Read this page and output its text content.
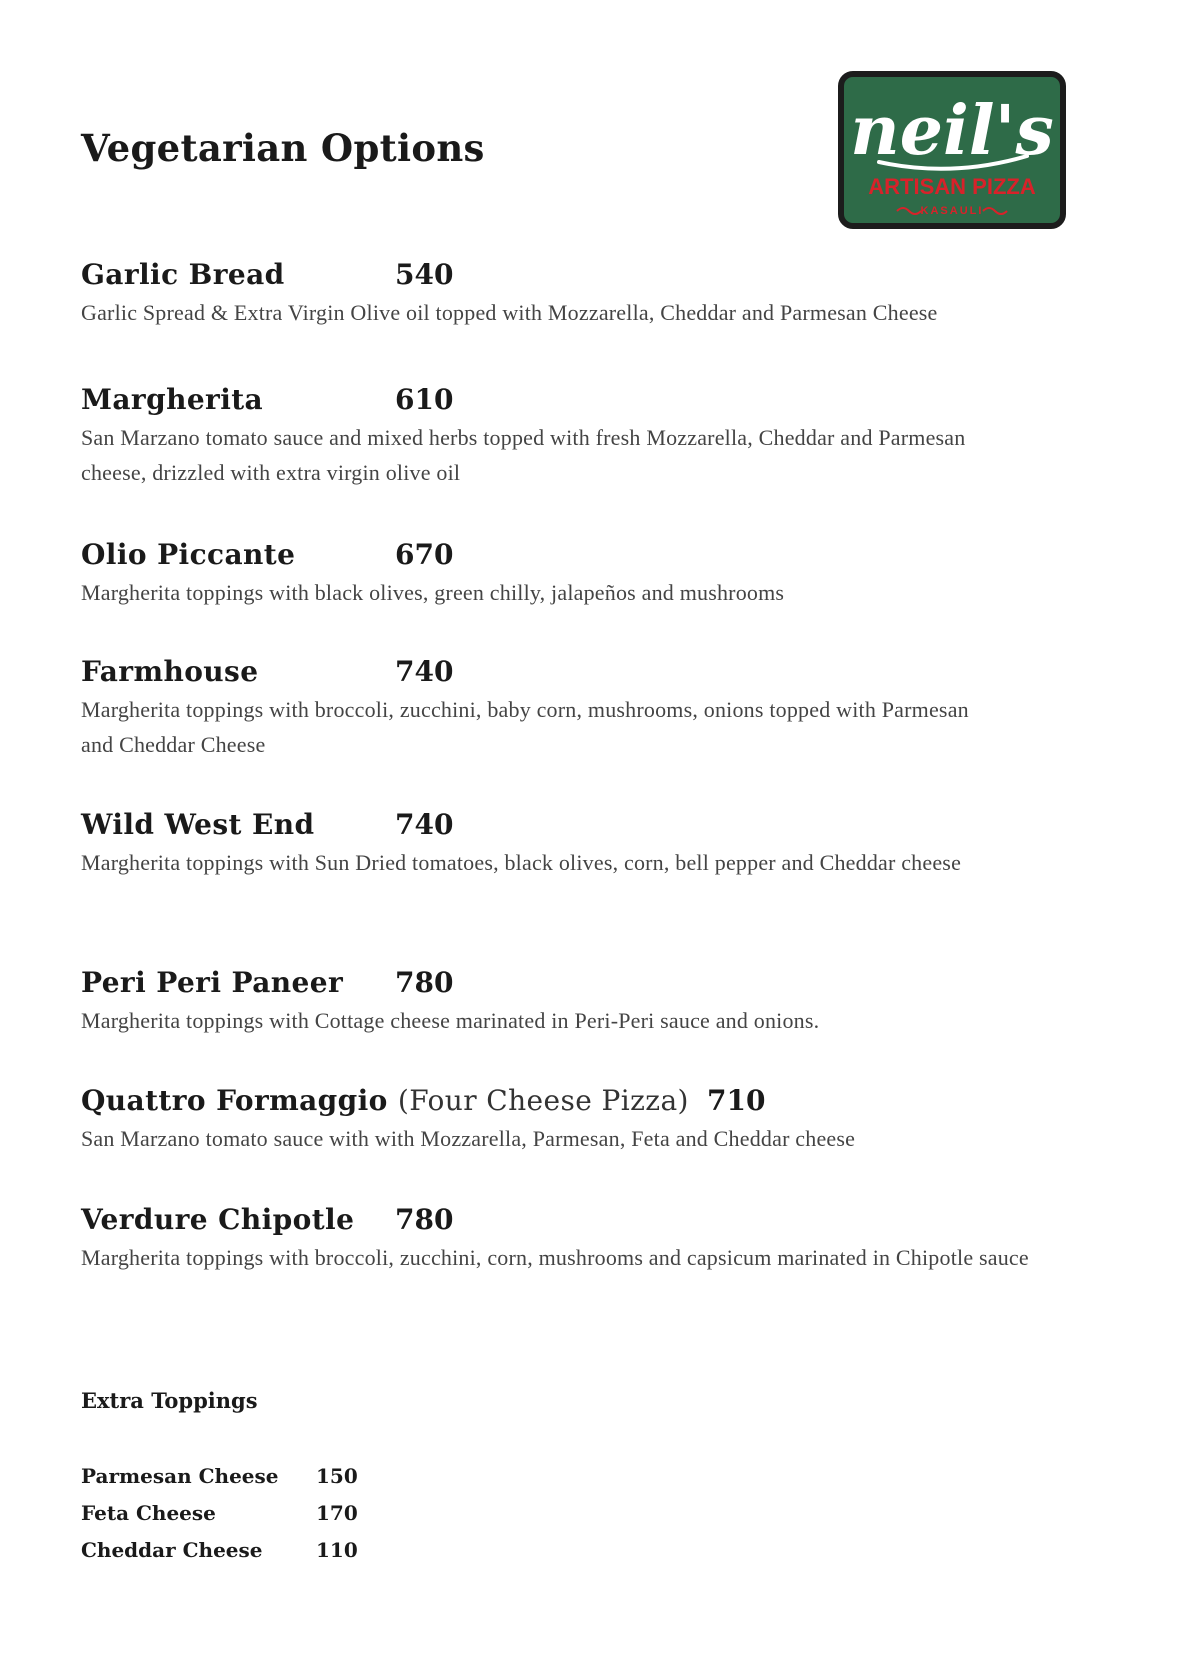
Vegetarian Options	neil's
ARTISAN PIZZA
KASAULI
Garlic Bread	540

Garlic Spread & Extra Virgin Olive oil topped with Mozzarella, Cheddar and Parmesan Cheese

Margherita	610

San Marzano tomato sauce and mixed herbs topped with fresh Mozzarella, Cheddar and Parmesan cheese, drizzled with extra virgin olive oil

Olio Piccante	670

Margherita toppings with black olives, green chilly, jalapeños and mushrooms

Farmhouse	740

Margherita toppings with broccoli, zucchini, baby corn, mushrooms, onions topped with Parmesan and Cheddar Cheese

Wild West End	740

Margherita toppings with Sun Dried tomatoes, black olives, corn, bell pepper and Cheddar cheese

Peri Peri Paneer 780

Margherita toppings with Cottage cheese marinated in Peri-Peri sauce and onions.

Quattro Formaggio (Four Cheese Pizza) 710

San Marzano tomato sauce with with Mozzarella, Parmesan, Feta and Cheddar cheese

Verdure Chipotle 780

Margherita toppings with broccoli, zucchini, corn, mushrooms and capsicum marinated in Chipotle sauce

Extra Toppings
Parmesan Cheese 150
Feta Cheese	170
Cheddar Cheese	110
